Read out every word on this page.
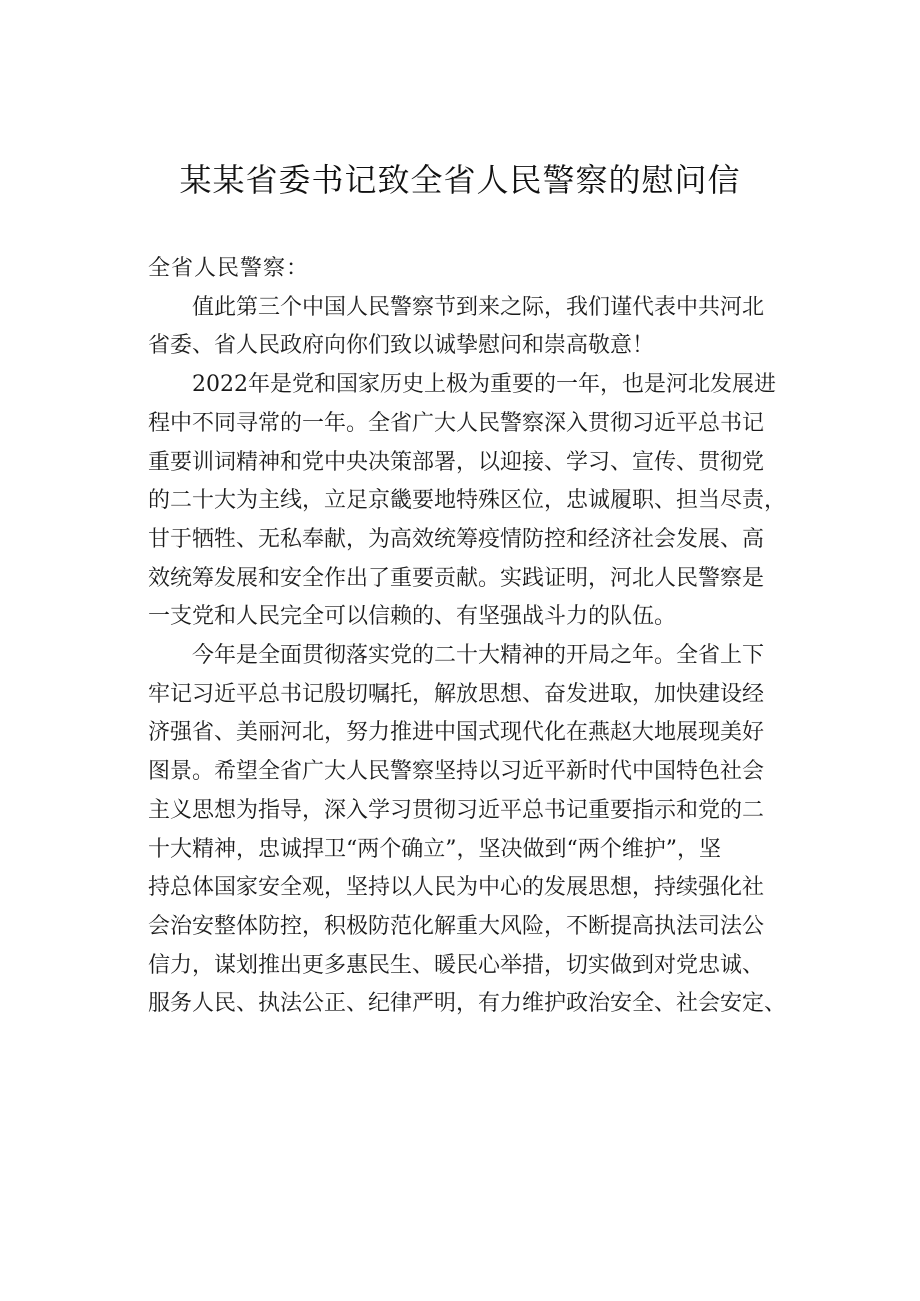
某某省委书记致全省人民警察的慰问信

全省人民警察：

值此第三个中国人民警察节到来之际，我们谨代表中共河北
省委、省人民政府向你们致以诚挚慰问和崇高敬意！

2022年是党和国家历史上极为重要的一年，也是河北发展进
程中不同寻常的一年。全省广大人民警察深入贯彻习近平总书记
重要训词精神和党中央决策部署，以迎接、学习、宣传、贯彻党
的二十大为主线，立足京畿要地特殊区位，忠诚履职、担当尽责，
甘于牺牲、无私奉献，为高效统筹疫情防控和经济社会发展、高
效统筹发展和安全作出了重要贡献。实践证明，河北人民警察是
一支党和人民完全可以信赖的、有坚强战斗力的队伍。

今年是全面贯彻落实党的二十大精神的开局之年。全省上下
牢记习近平总书记殷切嘱托，解放思想、奋发进取，加快建设经
济强省、美丽河北，努力推进中国式现代化在燕赵大地展现美好
图景。希望全省广大人民警察坚持以习近平新时代中国特色社会
主义思想为指导，深入学习贯彻习近平总书记重要指示和党的二
十大精神，忠诚捍卫“两个确立”，坚决做到“两个维护”，坚
持总体国家安全观，坚持以人民为中心的发展思想，持续强化社
会治安整体防控，积极防范化解重大风险，不断提高执法司法公
信力，谋划推出更多惠民生、暖民心举措，切实做到对党忠诚、
服务人民、执法公正、纪律严明，有力维护政治安全、社会安定、
